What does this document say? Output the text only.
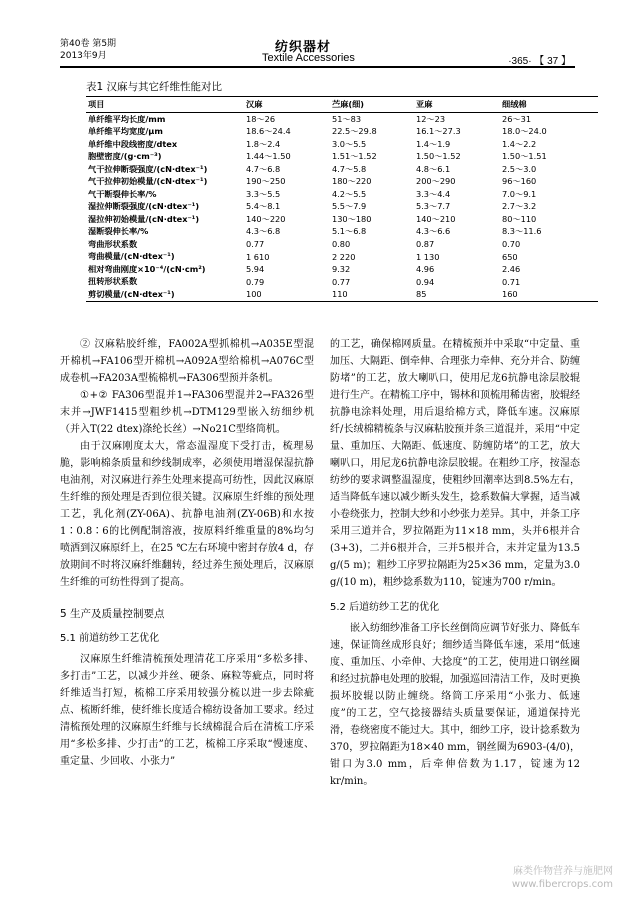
第40卷 第5期
2013年9月
纺织器材
Textile Accessories	·365· 【 37 】
表1 汉麻与其它纤维性能对比
项目	汉麻	苎麻(细)	亚麻	细绒棉
单纤维平均长度/mm	18～26	51～83	12～23	26～31
单纤维平均宽度/μm	18.6～24.4	22.5～29.8	16.1～27.3	18.0～24.0
单纤维中段线密度/dtex	1.8～2.4	3.0～5.5	1.4～1.9	1.4～2.2
胞壁密度/(g·cm⁻³)	1.44～1.50	1.51～1.52	1.50～1.52	1.50～1.51
气干拉伸断裂强度/(cN·dtex⁻¹)	4.7～6.8	4.7～5.8	4.8～6.1	2.5～3.0
气干拉伸初始模量/(cN·dtex⁻¹)	190～250	180～220	200～290	96～160
气干断裂伸长率/%	3.3～5.5	4.2～5.5	3.3～4.4	7.0～9.1
湿拉伸断裂强度/(cN·dtex⁻¹)	5.4～8.1	5.5～7.9	5.3～7.7	2.7～3.2
湿拉伸初始模量/(cN·dtex⁻¹)	140～220	130～180	140～210	80～110
湿断裂伸长率/%	4.3～6.8	5.1～6.8	4.3～6.6	8.3～11.6
弯曲形状系数	0.77	0.80	0.87	0.70
弯曲模量/(cN·dtex⁻¹)	1 610	2 220	1 130	650
相对弯曲刚度×10⁻⁴/(cN·cm²)	5.94	9.32	4.96	2.46
扭转形状系数	0.79	0.77	0.94	0.71
剪切模量/(cN·dtex⁻¹)	100	110	85	160

② 汉麻粘胶纤维，FA002A型抓棉机→A035E型混开棉机→FA106型开棉机→A092A型给棉机→A076C型成卷机→FA203A型梳棉机→FA306型预并条机。

①+② FA306型混并1→FA306型混并2→FA326型末并→JWF1415型粗纱机→DTM129型嵌入纺细纱机（并入T(22 dtex)涤纶长丝）→No21C型络筒机。

由于汉麻刚度太大，常态温湿度下受打击，梳理易脆，影响棉条质量和纱线制成率，必须使用增湿保湿抗静电油剂，对汉麻进行养生处理来提高可纺性，因此汉麻原生纤维的预处理是否到位很关键。汉麻原生纤维的预处理工艺，乳化剂(ZY-06A)、抗静电油剂(ZY-06B)和水按1∶0.8∶6的比例配制溶液，按原料纤维重量的8%均匀喷洒到汉麻原纤上，在25 ℃左右环境中密封存放4 d，存放期间不时将汉麻纤维翻转，经过养生预处理后，汉麻原生纤维的可纺性得到了提高。

5 生产及质量控制要点
5.1 前道纺纱工艺优化

汉麻原生纤维清梳预处理清花工序采用“多松多排、多打击”工艺，以减少并丝、硬条、麻粒等疵点，同时将纤维适当打短，梳棉工序采用较强分梳以进一步去除疵点、梳断纤维，使纤维长度适合棉纺设备加工要求。经过清梳预处理的汉麻原生纤维与长绒棉混合后在清梳工序采用“多松多排、少打击”的工艺，梳棉工序采取“慢速度、重定量、少回收、小张力”

的工艺，确保棉网质量。在精梳预并中采取“中定量、重加压、大隔距、倒牵伸、合理张力牵伸、充分并合、防缠防堵”的工艺，放大喇叭口，使用尼龙6抗静电涂层胶辊进行生产。在精梳工序中，锡林和顶梳用稀齿密，胶辊经抗静电涂料处理，用后退给棉方式，降低车速。汉麻原纤/长绒棉精梳条与汉麻粘胶预并条三道混并，采用“中定量、重加压、大隔距、低速度、防缠防堵”的工艺，放大喇叭口，用尼龙6抗静电涂层胶辊。在粗纱工序，按湿态纺纱的要求调整温湿度，使粗纱回潮率达到8.5%左右，适当降低车速以减少断头发生，捻系数偏大掌握，适当减小卷绕张力，控制大纱和小纱张力差异。其中，并条工序采用三道并合，罗拉隔距为11×18 mm，头并6根并合(3+3)，二并6根并合，三并5根并合，末并定量为13.5 g/(5 m)；粗纱工序罗拉隔距为25×36 mm，定量为3.0 g/(10 m)，粗纱捻系数为110，锭速为700 r/min。

5.2 后道纺纱工艺的优化

嵌入纺细纱准备工序长丝倒筒应调节好张力、降低车速，保证筒丝成形良好；细纱适当降低车速，采用“低速度、重加压、小牵伸、大捻度”的工艺，使用进口钢丝圈和经过抗静电处理的胶辊，加强巡回清洁工作，及时更换损坏胶辊以防止缠绕。络筒工序采用“小张力、低速度”的工艺，空气捻接器结头质量要保证，通道保持光滑，卷绕密度不能过大。其中，细纱工序，设计捻系数为370，罗拉隔距为18×40 mm，钢丝圈为6903-(4/0)，钳口为3.0 mm，后牵伸倍数为1.17，锭速为12 kr/min。

麻类作物营养与施肥网
www.fibercrops.com
